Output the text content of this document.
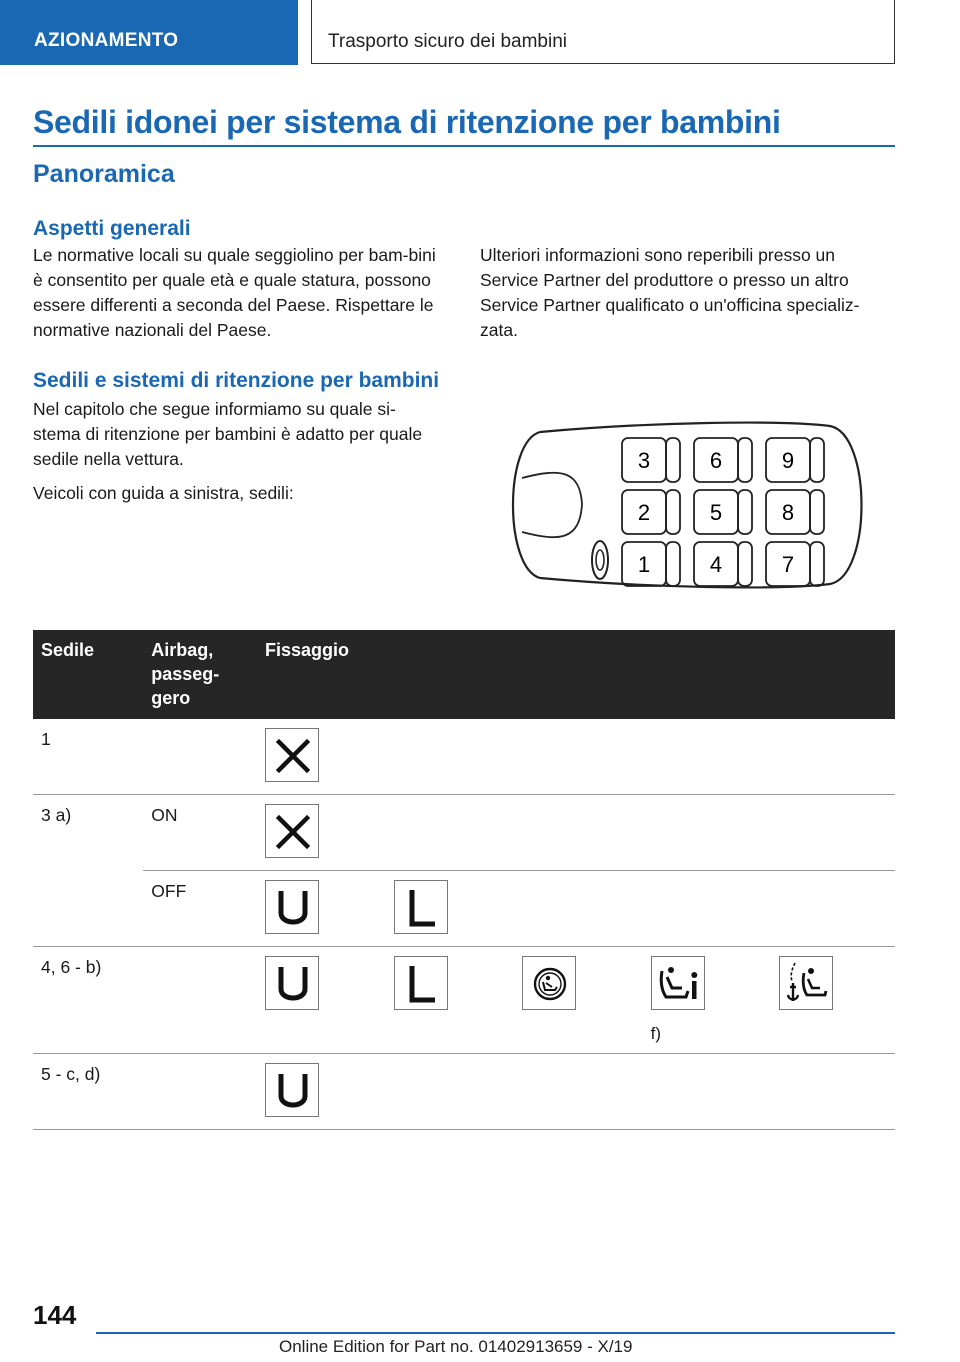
AZIONAMENTO	Trasporto sicuro dei bambini
Sedili idonei per sistema di ritenzione per bambini
Panoramica
Aspetti generali
Le normative locali su quale seggiolino per bam-bini è consentito per quale età e quale statura, possono essere differenti a seconda del Paese. Rispettare le normative nazionali del Paese.
Ulteriori informazioni sono reperibili presso un Service Partner del produttore o presso un altro Service Partner qualificato o un'officina specializ-zata.
Sedili e sistemi di ritenzione per bambini

Nel capitolo che segue informiamo su quale si-stema di ritenzione per bambini è adatto per quale sedile nella vettura.

Veicoli con guida a sinistra, sedili:

3	6	9
2	5	8
1	4	7
Sedile	Airbag, passeg-gero	Fissaggio				
1		

3 a)	ON	

	OFF	

4, 6 - b)					f)

5 - c, d)		

144
Online Edition for Part no. 01402913659 - X/19
